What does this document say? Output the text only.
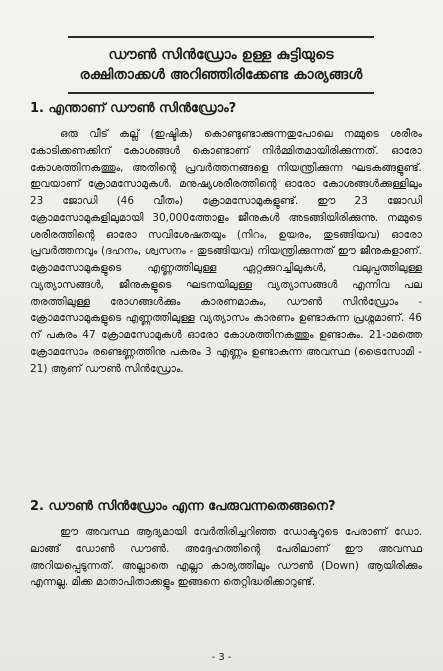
ഡൗൺ സിൻഡ്രോം ഉള്ള കുട്ടിയുടെ
രക്ഷിതാക്കൾ അറിഞ്ഞിരിക്കേണ്ട കാര്യങ്ങൾ
1. എന്താണ് ഡൗൺ സിൻഡ്രോം?

ഒരു വീട് കല്ല് (ഇഷ്ടിക) കൊണ്ടുണ്ടാക്കുന്നതുപോലെ നമ്മുടെ ശരീരം കോടിക്കണക്കിന് കോശങ്ങൾ കൊണ്ടാണ് നിർമ്മിതമായിരിക്കുന്നത്. ഓരോ കോശത്തിനകത്തും, അതിന്റെ പ്രവർത്തനങ്ങളെ നിയന്ത്രിക്കുന്ന ഘടകങ്ങളുണ്ട്. ഇവയാണ് ക്രോമസോമുകൾ. മനുഷ്യശരീരത്തിന്റെ ഓരോ കോശങ്ങൾക്കുള്ളിലും 23 ജോഡി (46 വീതം) ക്രോമസോമുകളുണ്ട്. ഈ 23 ജോഡി ക്രോമസോമുകളിലുമായി 30,000ത്തോളം ജീനുകൾ അടങ്ങിയിരിക്കുന്നു. നമ്മുടെ ശരീരത്തിന്റെ ഓരോ സവിശേഷതയും (നിറം, ഉയരം, തുടങ്ങിയവ) ഓരോ പ്രവർത്തനവും (ദഹനം, ശ്വസനം - തുടങ്ങിയവ) നിയന്ത്രിക്കുന്നത് ഈ ജീനുകളാണ്. ക്രോമസോമുകളുടെ എണ്ണത്തിലുള്ള ഏറ്റക്കുറച്ചിലുകൾ, വലുപ്പത്തിലുള്ള വ്യത്യാസങ്ങൾ, ജീനുകളുടെ ഘടനയിലുള്ള വ്യത്യാസങ്ങൾ എന്നിവ പല തരത്തിലുള്ള രോഗങ്ങൾക്കും കാരണമാകും, ഡൗൺ സിൻഡ്രോം - ക്രോമസോമുകളുടെ എണ്ണത്തിലുള്ള വ്യത്യാസം കാരണം ഉണ്ടാകുന്ന പ്രശ്നമാണ്. 46 ന് പകരം 47 ക്രോമസോമുകൾ ഓരോ കോശത്തിനകത്തും ഉണ്ടാകും. 21-ാമത്തെ ക്രോമസോം രണ്ടെണ്ണത്തിനു പകരം 3 എണ്ണം ഉണ്ടാകുന്ന അവസ്ഥ (ട്രൈസോമി - 21) ആണ് ഡൗൺ സിൻഡ്രോം.

2. ഡൗൺ സിൻഡ്രോം എന്ന പേരുവന്നതെങ്ങനെ?

ഈ അവസ്ഥ ആദ്യമായി വേർതിരിച്ചറിഞ്ഞ ഡോക്ടറുടെ പേരാണ് ഡോ. ലാങ്ങ് ഡോൺ ഡൗൺ. അദ്ദേഹത്തിന്റെ പേരിലാണ് ഈ അവസ്ഥ അറിയപ്പെടുന്നത്. അല്ലാതെ എല്ലാ കാര്യത്തിലും ഡൗൺ (Down) ആയിരിക്കും എന്നല്ല. മിക്ക മാതാപിതാക്കളും ഇങ്ങനെ തെറ്റിദ്ധരിക്കാറുണ്ട്.

- 3 -
